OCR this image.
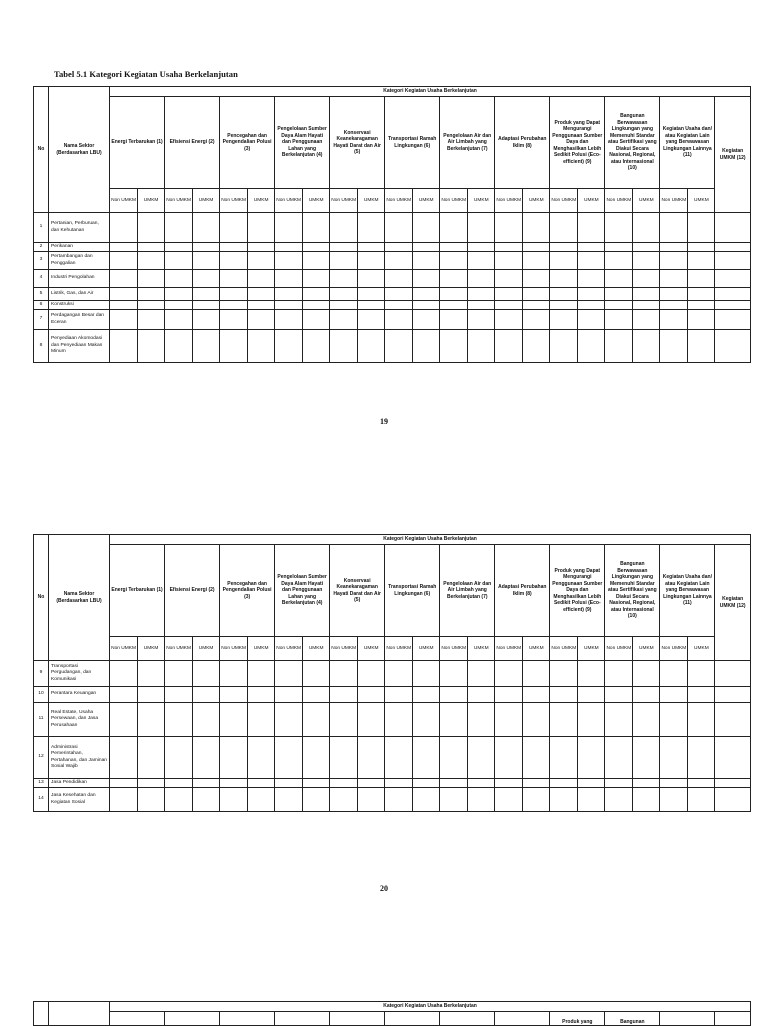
Tabel 5.1 Kategori Kegiatan Usaha Berkelanjutan
No	Nama Sektor (Berdasarkan LBU)	Kategori Kegiatan Usaha Berkelanjutan																						
		Energi Terbarukan (1)		Efisiensi Energi (2)		Pencegahan dan Pengendalian Polusi (3)		Pengelolaan Sumber Daya Alam Hayati dan Penggunaan Lahan yang Berkelanjutan (4)		Konservasi Keanekaragaman Hayati Darat dan Air (5)		Transportasi Ramah Lingkungan (6)		Pengelolaan Air dan Air Limbah yang Berkelanjutan (7)		Adaptasi Perubahan Iklim (8)		Produk yang Dapat Mengurangi Penggunaan Sumber Daya dan Menghasilkan Lebih Sedikit Polusi (Eco-efficient) (9)		Bangunan Berwawasan Lingkungan yang Memenuhi Standar atau Sertifikasi yang Diakui Secara Nasional, Regional, atau Internasional (10)		Kegiatan Usaha dan/ atau Kegiatan Lain yang Berwawasan Lingkungan Lainnya (11)		Kegiatan UMKM (12)
		Non UMKM	UMKM	Non UMKM	UMKM	Non UMKM	UMKM	Non UMKM	UMKM	Non UMKM	UMKM	Non UMKM	UMKM	Non UMKM	UMKM	Non UMKM	UMKM	Non UMKM	UMKM	Non UMKM	UMKM	Non UMKM	UMKM	
1	Pertanian, Perburuan, dan Kehutanan																							
2	Perikanan																							
3	Pertambangan dan Penggalian																							
4	Industri Pengolahan																							
5	Listrik, Gas, dan Air																							
6	Konstruksi																							
7	Perdagangan Besar dan Eceran																							
8	Penyediaan Akomodasi dan Penyediaan Makan Minum																							
19
No	Nama Sektor (Berdasarkan LBU)	Kategori Kegiatan Usaha Berkelanjutan																						
		Energi Terbarukan (1)		Efisiensi Energi (2)		Pencegahan dan Pengendalian Polusi (3)		Pengelolaan Sumber Daya Alam Hayati dan Penggunaan Lahan yang Berkelanjutan (4)		Konservasi Keanekaragaman Hayati Darat dan Air (5)		Transportasi Ramah Lingkungan (6)		Pengelolaan Air dan Air Limbah yang Berkelanjutan (7)		Adaptasi Perubahan Iklim (8)		Produk yang Dapat Mengurangi Penggunaan Sumber Daya dan Menghasilkan Lebih Sedikit Polusi (Eco-efficient) (9)		Bangunan Berwawasan Lingkungan yang Memenuhi Standar atau Sertifikasi yang Diakui Secara Nasional, Regional, atau Internasional (10)		Kegiatan Usaha dan/ atau Kegiatan Lain yang Berwawasan Lingkungan Lainnya (11)		Kegiatan UMKM (12)
		Non UMKM	UMKM	Non UMKM	UMKM	Non UMKM	UMKM	Non UMKM	UMKM	Non UMKM	UMKM	Non UMKM	UMKM	Non UMKM	UMKM	Non UMKM	UMKM	Non UMKM	UMKM	Non UMKM	UMKM	Non UMKM	UMKM	
9	Transportasi Pergudangan, dan Komunikasi																							
10	Perantara Keuangan																							
11	Real Estate, Usaha Persewaan, dan Jasa Perusahaan																							
12	Administrasi Pemerintahan, Pertahanan, dan Jaminan Sosial Wajib																							
13	Jasa Pendidikan																							
14	Jasa Kesehatan dan Kegiatan Sosial																							
20
		Kategori Kegiatan Usaha Berkelanjutan											
										Produk yang	Bangunan		
